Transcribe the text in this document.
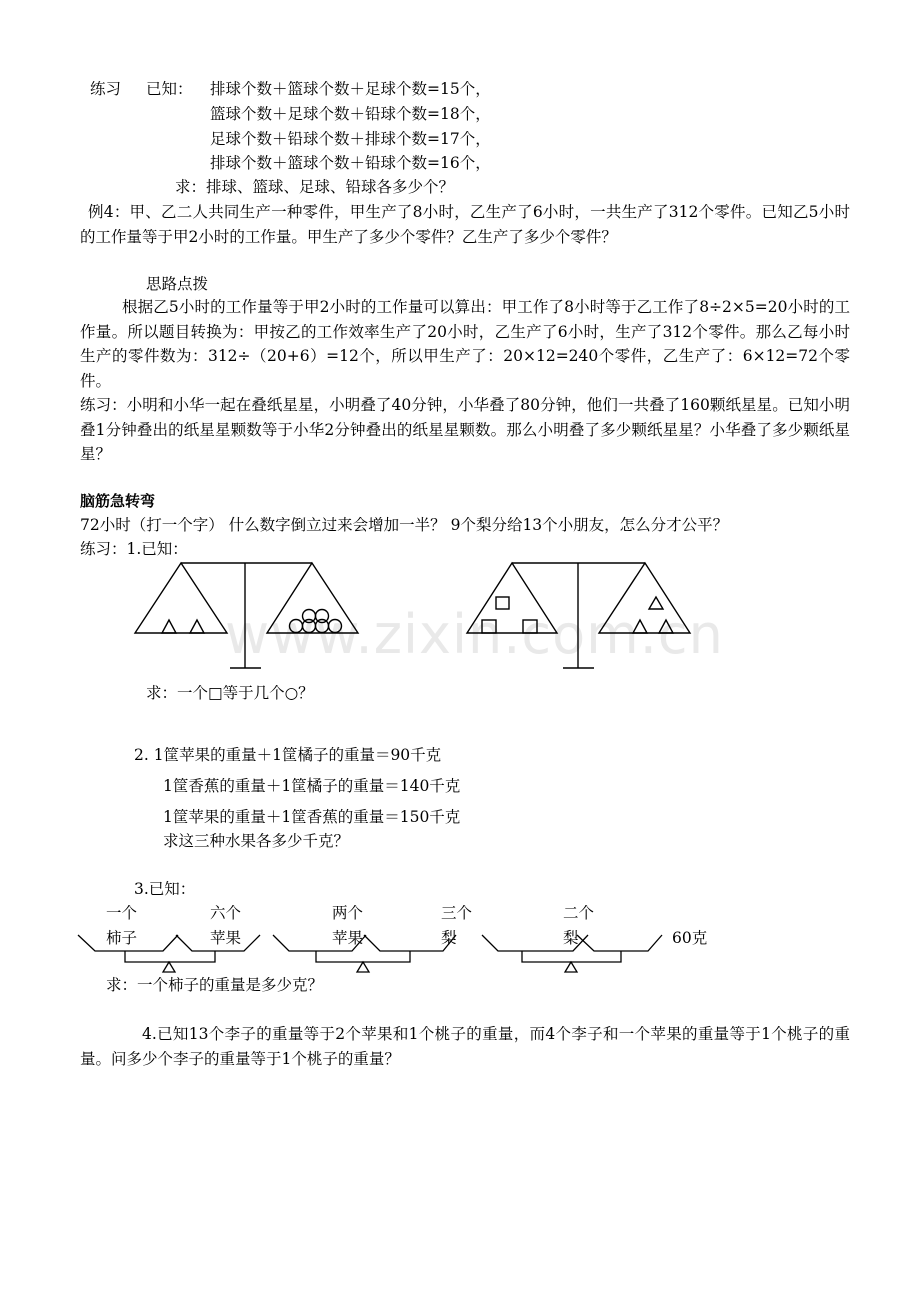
www.zixin.com.cn
练习 已知： 排球个数＋篮球个数＋足球个数=15个，
篮球个数＋足球个数＋铅球个数=18个，
足球个数＋铅球个数＋排球个数=17个，
排球个数＋篮球个数＋铅球个数=16个，
求：排球、篮球、足球、铅球各多少个？
例4：甲、乙二人共同生产一种零件，甲生产了8小时，乙生产了6小时，一共生产了312个零件。已知乙5小时的工作量等于甲2小时的工作量。甲生产了多少个零件？乙生产了多少个零件？
思路点拨
根据乙5小时的工作量等于甲2小时的工作量可以算出：甲工作了8小时等于乙工作了8÷2×5=20小时的工作量。所以题目转换为：甲按乙的工作效率生产了20小时，乙生产了6小时，生产了312个零件。那么乙每小时生产的零件数为：312÷（20+6）=12个，所以甲生产了：20×12=240个零件，乙生产了：6×12=72个零件。
练习：小明和小华一起在叠纸星星，小明叠了40分钟，小华叠了80分钟，他们一共叠了160颗纸星星。已知小明叠1分钟叠出的纸星星颗数等于小华2分钟叠出的纸星星颗数。那么小明叠了多少颗纸星星？小华叠了多少颗纸星星？
脑筋急转弯
72小时（打一个字） 什么数字倒立过来会增加一半？ 9个梨分给13个小朋友，怎么分才公平？
练习：1.已知：
求：一个□等于几个○？
2. 1筐苹果的重量＋1筐橘子的重量＝90千克
1筐香蕉的重量＋1筐橘子的重量＝140千克
1筐苹果的重量＋1筐香蕉的重量＝150千克
求这三种水果各多少千克？
3.已知：
一个
柿子
六个
苹果
两个
苹果
三个
梨
二个
梨	60克
求：一个柿子的重量是多少克？
4.已知13个李子的重量等于2个苹果和1个桃子的重量，而4个李子和一个苹果的重量等于1个桃子的重量。问多少个李子的重量等于1个桃子的重量？
